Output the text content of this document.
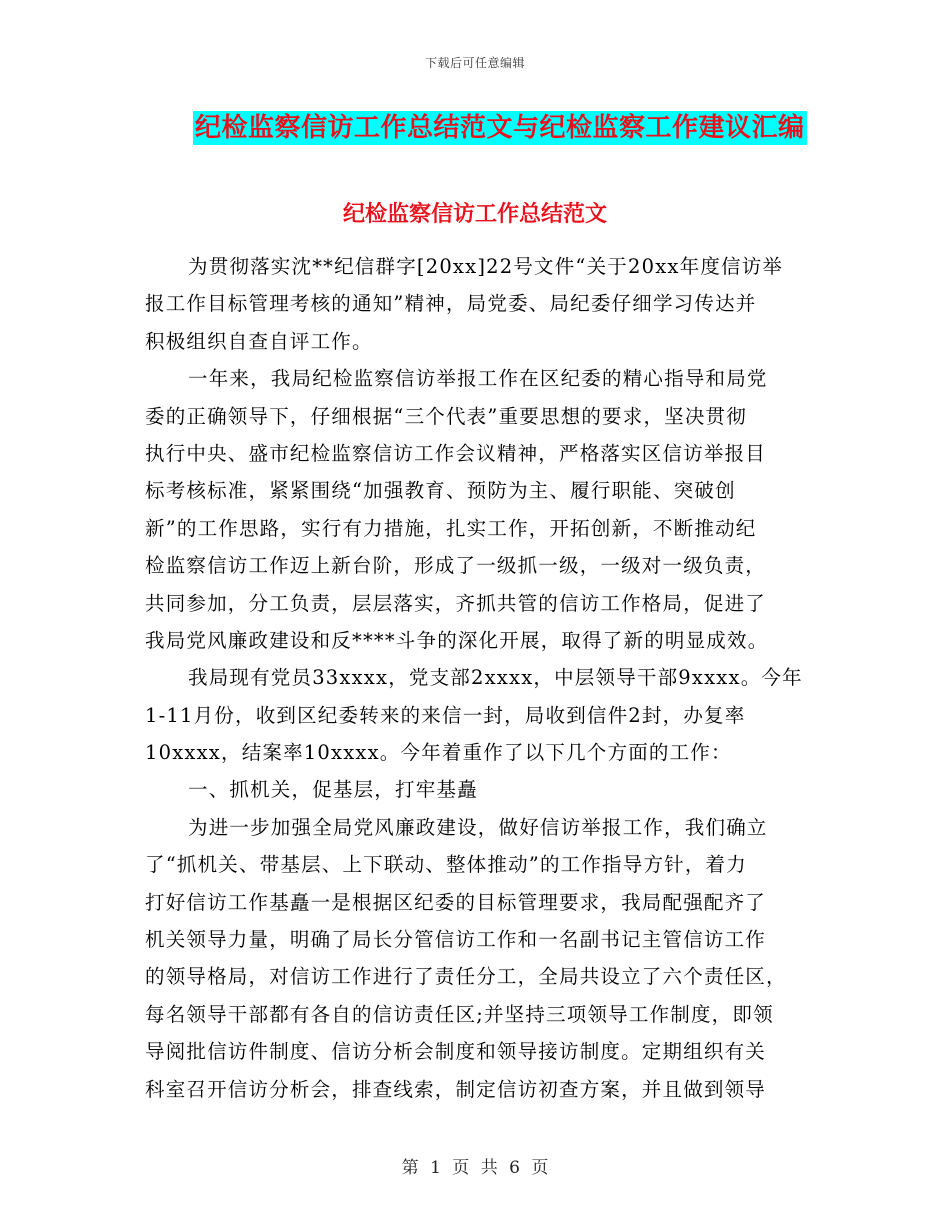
下载后可任意编辑
纪检监察信访工作总结范文与纪检监察工作建议汇编
纪检监察信访工作总结范文
为贯彻落实沈**纪信群字[20xx]22号文件“关于20xx年度信访举
报工作目标管理考核的通知”精神，局党委、局纪委仔细学习传达并
积极组织自查自评工作。
一年来，我局纪检监察信访举报工作在区纪委的精心指导和局党
委的正确领导下，仔细根据“三个代表”重要思想的要求，坚决贯彻
执行中央、盛市纪检监察信访工作会议精神，严格落实区信访举报目
标考核标准，紧紧围绕“加强教育、预防为主、履行职能、突破创
新”的工作思路，实行有力措施，扎实工作，开拓创新，不断推动纪
检监察信访工作迈上新台阶，形成了一级抓一级，一级对一级负责，
共同参加，分工负责，层层落实，齐抓共管的信访工作格局，促进了
我局党风廉政建设和反****斗争的深化开展，取得了新的明显成效。
我局现有党员33xxxx，党支部2xxxx，中层领导干部9xxxx。今年
1-11月份，收到区纪委转来的来信一封，局收到信件2封，办复率
10xxxx，结案率10xxxx。今年着重作了以下几个方面的工作：
一、抓机关，促基层，打牢基矗
为进一步加强全局党风廉政建设，做好信访举报工作，我们确立
了“抓机关、带基层、上下联动、整体推动”的工作指导方针，着力
打好信访工作基矗一是根据区纪委的目标管理要求，我局配强配齐了
机关领导力量，明确了局长分管信访工作和一名副书记主管信访工作
的领导格局，对信访工作进行了责任分工，全局共设立了六个责任区，
每名领导干部都有各自的信访责任区;并坚持三项领导工作制度，即领
导阅批信访件制度、信访分析会制度和领导接访制度。定期组织有关
科室召开信访分析会，排查线索，制定信访初查方案，并且做到领导
第 1 页 共 6 页
